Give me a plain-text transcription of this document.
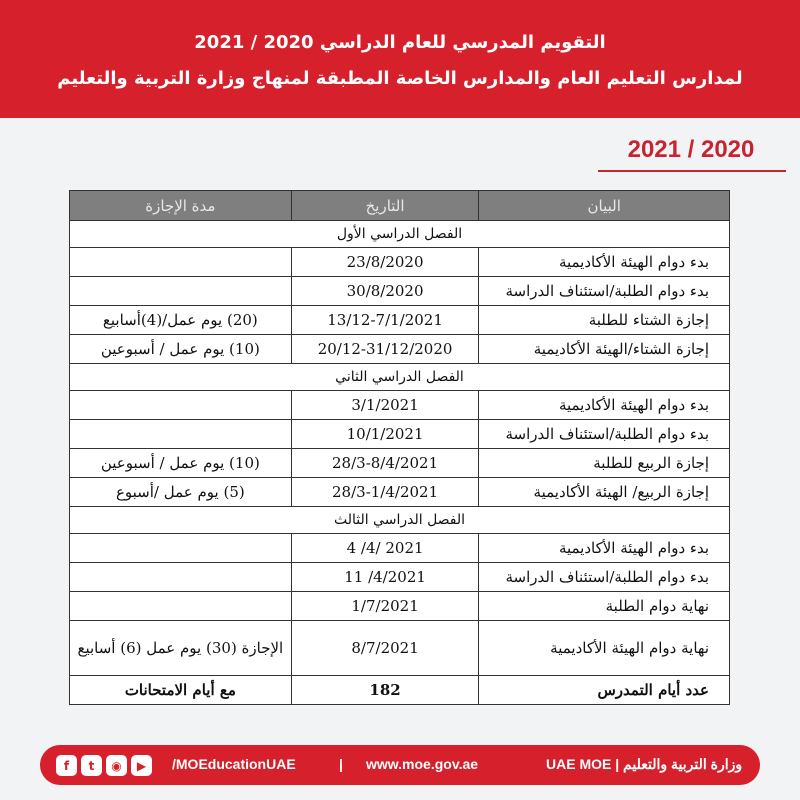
التقويم المدرسي للعام الدراسي 2020 / 2021
لمدارس التعليم العام والمدارس الخاصة المطبقة لمنهاج وزارة التربية والتعليم
2021 / 2020
البيان	التاريخ	مدة الإجازة
الفصل الدراسي الأول		
بدء دوام الهيئة الأكاديمية	23/8/2020	
بدء دوام الطلبة/استئناف الدراسة	30/8/2020	
إجازة الشتاء للطلبة	13/12-7/1/2021	(20) يوم عمل/(4)أسابيع
إجازة الشتاء/الهيئة الأكاديمية	20/12-31/12/2020	(10) يوم عمل / أسبوعين
الفصل الدراسي الثاني		
بدء دوام الهيئة الأكاديمية	3/1/2021	
بدء دوام الطلبة/استئناف الدراسة	10/1/2021	
إجازة الربيع للطلبة	28/3-8/4/2021	(10) يوم عمل / أسبوعين
إجازة الربيع/ الهيئة الأكاديمية	28/3-1/4/2021	(5) يوم عمل /أسبوع
الفصل الدراسي الثالث		
بدء دوام الهيئة الأكاديمية	4 /4/ 2021	
بدء دوام الطلبة/استئناف الدراسة	11 /4/2021	
نهاية دوام الطلبة	1/7/2021	
نهاية دوام الهيئة الأكاديمية	8/7/2021	الإجازة (30) يوم عمل (6) أسابيع
عدد أيام التمدرس	182	مع أيام الامتحانات
f	t	◉	▶	/MOEducationUAE	| www.moe.gov.ae	وزارة التربية والتعليم | UAE MOE
